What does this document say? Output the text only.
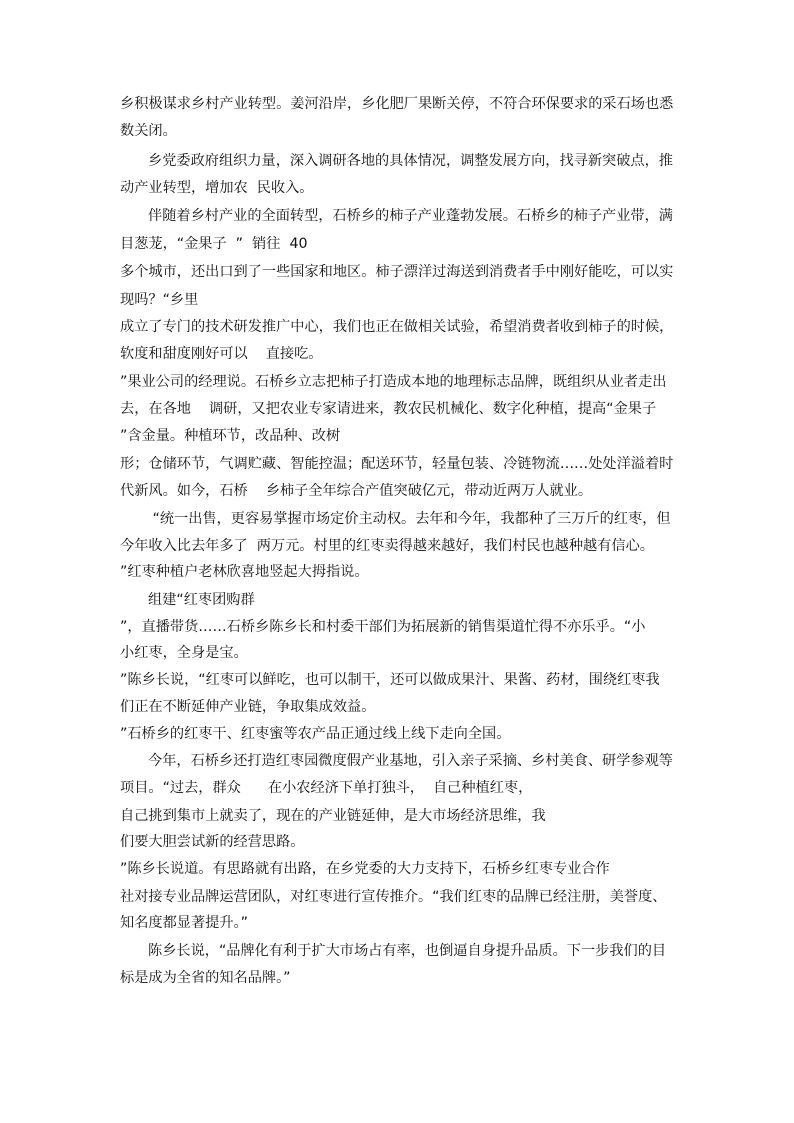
乡积极谋求乡村产业转型。姜河沿岸，乡化肥厂果断关停，不符合环保要求的采石场也悉

数关闭。

乡党委政府组织力量，深入调研各地的具体情况，调整发展方向，找寻新突破点，推

动产业转型，增加农  民收入。

伴随着乡村产业的全面转型，石桥乡的柿子产业蓬勃发展。石桥乡的柿子产业带，满

目葱茏，“金果子  ”  销往  40

多个城市，还出口到了一些国家和地区。柿子漂洋过海送到消费者手中刚好能吃，可以实

现吗？“乡里

成立了专门的技术研发推广中心，我们也正在做相关试验，希望消费者收到柿子的时候，

软度和甜度刚好可以    直接吃。

”果业公司的经理说。石桥乡立志把柿子打造成本地的地理标志品牌，既组织从业者走出

去，在各地    调研，又把农业专家请进来，教农民机械化、数字化种植，提高“金果子

”含金量。种植环节，改品种、改树

形；仓储环节，气调贮藏、智能控温；配送环节，轻量包装、冷链物流……处处洋溢着时

代新风。如今，石桥    乡柿子全年综合产值突破亿元，带动近两万人就业。

“统一出售，更容易掌握市场定价主动权。去年和今年，我都种了三万斤的红枣，但

今年收入比去年多了  两万元。村里的红枣卖得越来越好，我们村民也越种越有信心。

”红枣种植户老林欣喜地竖起大拇指说。

组建“红枣团购群

”，直播带货……石桥乡陈乡长和村委干部们为拓展新的销售渠道忙得不亦乐乎。“小

小红枣，全身是宝。

”陈乡长说，“红枣可以鲜吃，也可以制干，还可以做成果汁、果酱、药材，围绕红枣我

们正在不断延伸产业链，争取集成效益。

”石桥乡的红枣干、红枣蜜等农产品正通过线上线下走向全国。

今年，石桥乡还打造红枣园微度假产业基地，引入亲子采摘、乡村美食、研学参观等

项目。“过去，群众      在小农经济下单打独斗，  自己种植红枣，

自己挑到集市上就卖了，现在的产业链延伸，是大市场经济思维，我

们要大胆尝试新的经营思路。

”陈乡长说道。有思路就有出路，在乡党委的大力支持下，石桥乡红枣专业合作

社对接专业品牌运营团队，对红枣进行宣传推介。“我们红枣的品牌已经注册，美誉度、

知名度都显著提升。”

陈乡长说，“品牌化有利于扩大市场占有率，也倒逼自身提升品质。下一步我们的目

标是成为全省的知名品牌。”
